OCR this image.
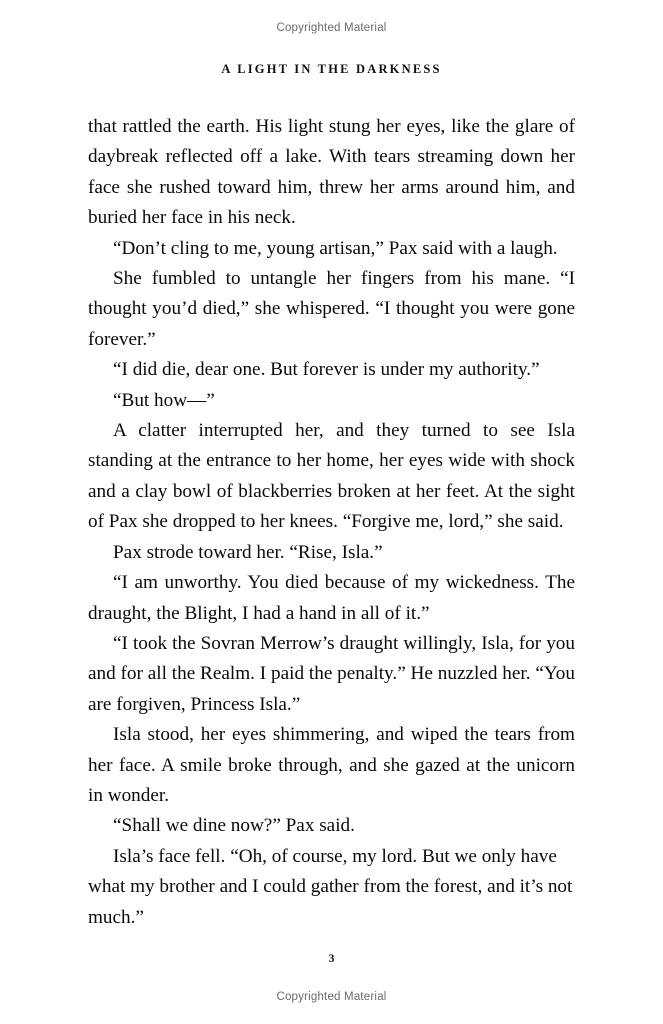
Copyrighted Material
A LIGHT IN THE DARKNESS

that rattled the earth. His light stung her eyes, like the glare of daybreak reflected off a lake. With tears streaming down her face she rushed toward him, threw her arms around him, and buried her face in his neck.

“Don’t cling to me, young artisan,” Pax said with a laugh.

She fumbled to untangle her fingers from his mane. “I thought you’d died,” she whispered. “I thought you were gone forever.”

“I did die, dear one. But forever is under my authority.”

“But how—”

A clatter interrupted her, and they turned to see Isla standing at the entrance to her home, her eyes wide with shock and a clay bowl of blackberries broken at her feet. At the sight of Pax she dropped to her knees. “Forgive me, lord,” she said.

Pax strode toward her. “Rise, Isla.”

“I am unworthy. You died because of my wickedness. The draught, the Blight, I had a hand in all of it.”

“I took the Sovran Merrow’s draught willingly, Isla, for you and for all the Realm. I paid the penalty.” He nuzzled her. “You are forgiven, Princess Isla.”

Isla stood, her eyes shimmering, and wiped the tears from her face. A smile broke through, and she gazed at the unicorn in wonder.

“Shall we dine now?” Pax said.

Isla’s face fell. “Oh, of course, my lord. But we only have what my brother and I could gather from the forest, and it’s not much.”

3
Copyrighted Material
